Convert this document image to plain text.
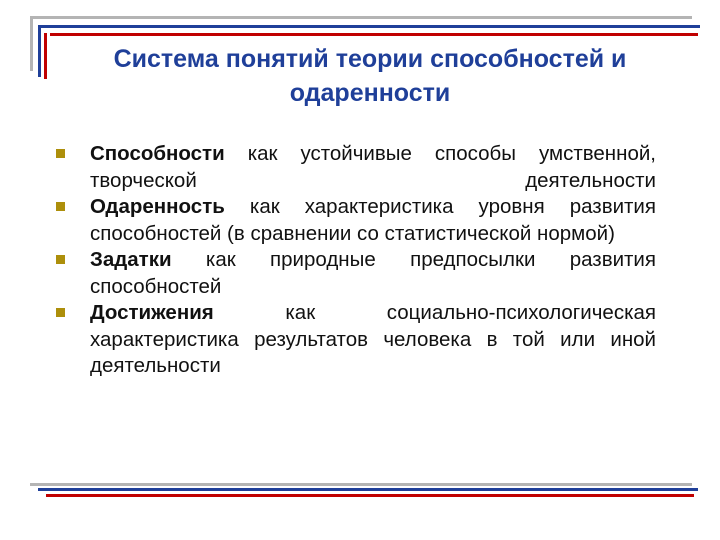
Система понятий теории способностей и одаренности
Способности как устойчивые способы умственной, творческой деятельности
Одаренность как характеристика уровня развития способностей (в сравнении со статистической нормой)
Задатки как природные предпосылки развития способностей
Достижения как социально-психологическая характеристика результатов человека в той или иной деятельности
